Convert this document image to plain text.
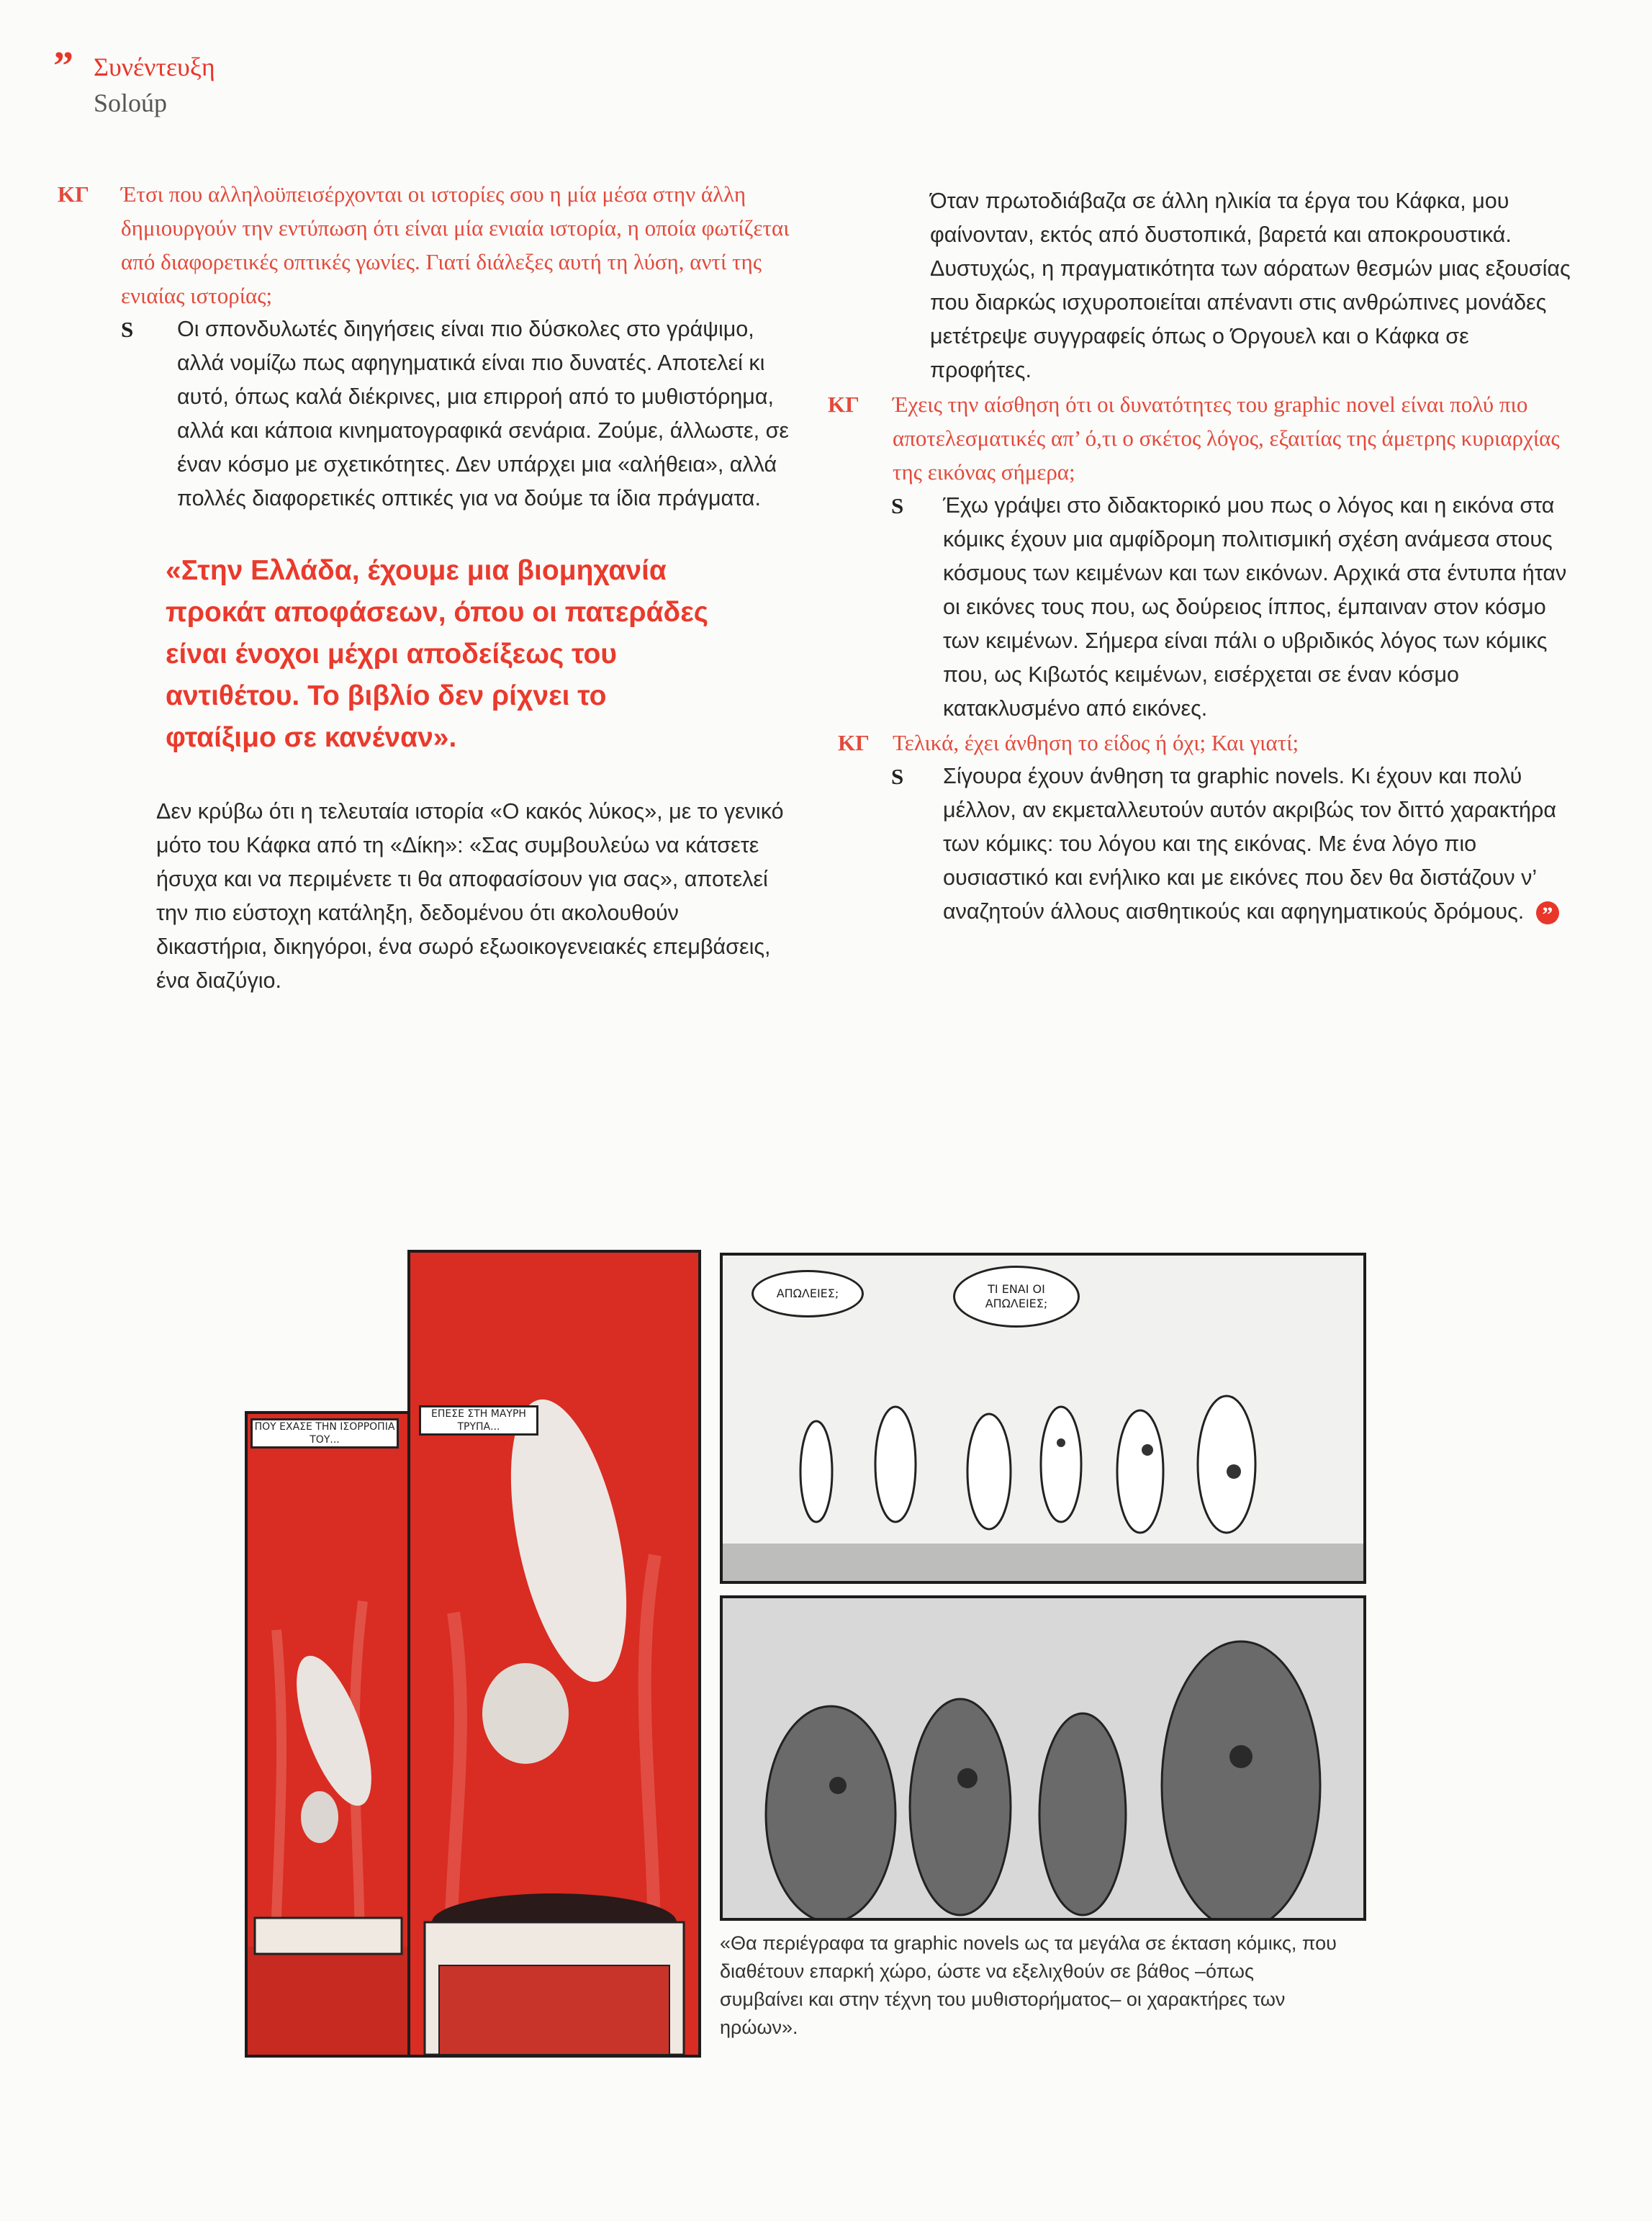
” Συνέντευξη
Soloúp

ΚΓ Έτσι που αλληλοϋπεισέρχονται οι ιστορίες σου η μία μέσα στην άλλη δημιουργούν την εντύπωση ότι είναι μία ενιαία ιστορία, η οποία φωτίζεται από διαφορετικές οπτικές γωνίες. Γιατί διάλεξες αυτή τη λύση, αντί της ενιαίας ιστορίας;

S Οι σπονδυλωτές διηγήσεις είναι πιο δύσκολες στο γράψιμο, αλλά νομίζω πως αφηγηματικά είναι πιο δυνατές. Αποτελεί κι αυτό, όπως καλά διέκρινες, μια επιρροή από το μυθιστόρημα, αλλά και κάποια κινηματογραφικά σενάρια. Ζούμε, άλλωστε, σε έναν κόσμο με σχετικότητες. Δεν υπάρχει μια «αλήθεια», αλλά πολλές διαφορετικές οπτικές για να δούμε τα ίδια πράγματα.

«Στην Ελλάδα, έχουμε μια βιομηχανία προκάτ αποφάσεων, όπου οι πατεράδες είναι ένοχοι μέχρι αποδείξεως του αντιθέτου. Το βιβλίο δεν ρίχνει το φταίξιμο σε κανέναν».

Δεν κρύβω ότι η τελευταία ιστορία «Ο κακός λύκος», με το γενικό μότο του Κάφκα από τη «Δίκη»: «Σας συμβουλεύω να κάτσετε ήσυχα και να περιμένετε τι θα αποφασίσουν για σας», αποτελεί την πιο εύστοχη κατάληξη, δεδομένου ότι ακολουθούν δικαστήρια, δικηγόροι, ένα σωρό εξωοικογενειακές επεμβάσεις, ένα διαζύγιο.

Όταν πρωτοδιάβαζα σε άλλη ηλικία τα έργα του Κάφκα, μου φαίνονταν, εκτός από δυστοπικά, βαρετά και αποκρουστικά. Δυστυχώς, η πραγματικότητα των αόρατων θεσμών μιας εξουσίας που διαρκώς ισχυροποιείται απέναντι στις ανθρώπινες μονάδες μετέτρεψε συγγραφείς όπως ο Όργουελ και ο Κάφκα σε προφήτες.

ΚΓ Έχεις την αίσθηση ότι οι δυνατότητες του graphic novel είναι πολύ πιο αποτελεσματικές απ’ ό,τι ο σκέτος λόγος, εξαιτίας της άμετρης κυριαρχίας της εικόνας σήμερα;

S Έχω γράψει στο διδακτορικό μου πως ο λόγος και η εικόνα στα κόμικς έχουν μια αμφίδρομη πολιτισμική σχέση ανάμεσα στους κόσμους των κειμένων και των εικόνων. Αρχικά στα έντυπα ήταν οι εικόνες τους που, ως δούρειος ίππος, έμπαιναν στον κόσμο των κειμένων. Σήμερα είναι πάλι ο υβριδικός λόγος των κόμικς που, ως Κιβωτός κειμένων, εισέρχεται σε έναν κόσμο κατακλυσμένο από εικόνες.

ΚΓ Τελικά, έχει άνθηση το είδος ή όχι; Και γιατί;

S Σίγουρα έχουν άνθηση τα graphic novels. Κι έχουν και πολύ μέλλον, αν εκμεταλλευτούν αυτόν ακριβώς τον διττό χαρακτήρα των κόμικς: του λόγου και της εικόνας. Με ένα λόγο πιο ουσιαστικό και ενήλικο και με εικόνες που δεν θα διστάζουν ν’ αναζητούν άλλους αισθητικούς και αφηγηματικούς δρόμους. ”

ΠΟΥ ΕΧΑΣΕ ΤΗΝ ΙΣΟΡΡΟΠΙΑ ΤΟΥ...
ΕΠΕΣΕ ΣΤΗ ΜΑΥΡΗ ΤΡΥΠΑ...
ΑΠΩΛΕΙΕΣ;	ΤΙ ΕΝΑΙ ΟΙ ΑΠΩΛΕΙΕΣ;
«Θα περιέγραφα τα graphic novels ως τα μεγάλα σε έκταση κόμικς, που διαθέτουν επαρκή χώρο, ώστε να εξελιχθούν σε βάθος –όπως συμβαίνει και στην τέχνη του μυθιστορήματος– οι χαρακτήρες των ηρώων».
